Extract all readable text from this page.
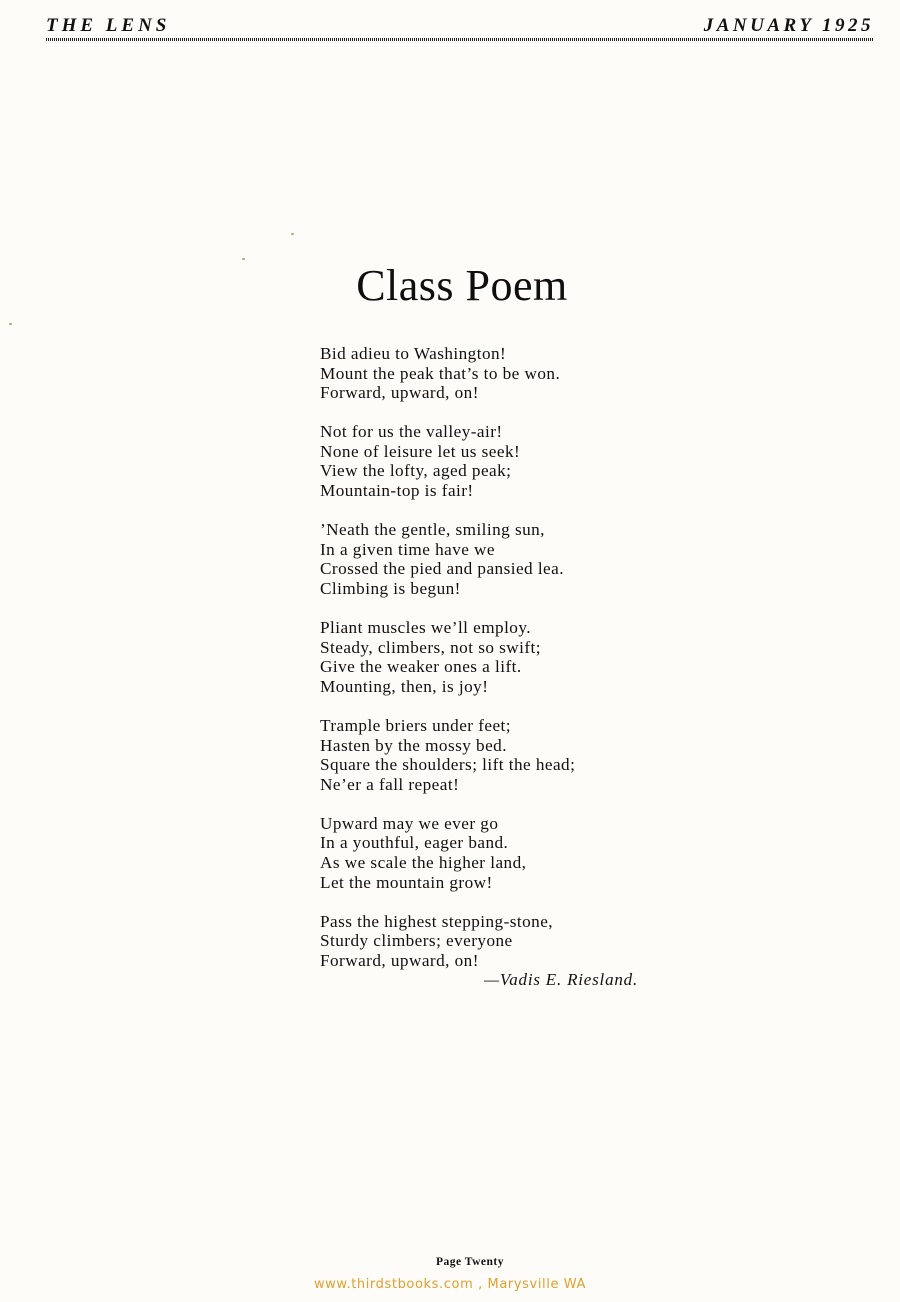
THE LENS	JANUARY 1925
Class Poem
Bid adieu to Washington!
Mount the peak that’s to be won.
Forward, upward, on!
Not for us the valley-air!
None of leisure let us seek!
View the lofty, aged peak;
Mountain-top is fair!
’Neath the gentle, smiling sun,
In a given time have we
Crossed the pied and pansied lea.
Climbing is begun!
Pliant muscles we’ll employ.
Steady, climbers, not so swift;
Give the weaker ones a lift.
Mounting, then, is joy!
Trample briers under feet;
Hasten by the mossy bed.
Square the shoulders; lift the head;
Ne’er a fall repeat!
Upward may we ever go
In a youthful, eager band.
As we scale the higher land,
Let the mountain grow!
Pass the highest stepping-stone,
Sturdy climbers; everyone
Forward, upward, on!
—Vadis E. Riesland.
Page Twenty
www.thirdstbooks.com , Marysville WA
